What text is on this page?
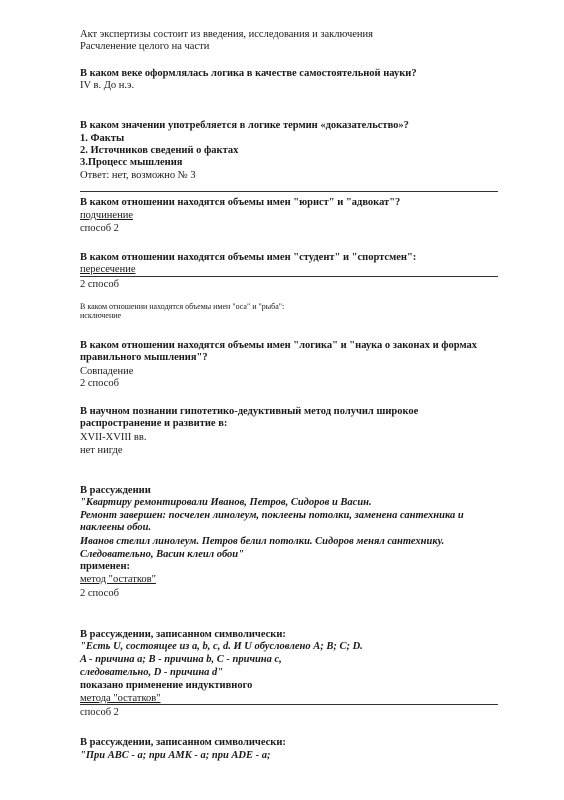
Акт экспертизы состоит из введения, исследования и заключения
Расчленение целого на части
В каком веке оформлялась логика в качестве самостоятельной науки?
IV в. До н.э.
В каком значении употребляется в логике термин «доказательство»?
1. Факты
2. Источников сведений о фактах
3.Процесс мышления
Ответ: нет, возможно № 3
В каком отношении находятся объемы имен "юрист" и "адвокат"?
подчинение
способ 2
В каком отношении находятся объемы имен "студент" и "спортсмен":
пересечение
2 способ
В каком отношении находятся объемы имен "оса" и "рыба":
исключение
В каком отношении находятся объемы имен "логика" и "наука о законах и формах
правильного мышления"?
Совпадение
2 способ
В научном познании гипотетико-дедуктивный метод получил широкое
распространение и развитие в:
XVII-XVIII вв.
нет нигде
В рассуждении
"Квартиру ремонтировали Иванов, Петров, Сидоров и Васин.
Ремонт завершен: посчелен линолеум, поклеены потолки, заменена сантехника и
наклеены обои.
Иванов стелил линолеум. Петров белил потолки. Сидоров менял сантехнику.
Следовательно, Васин клеил обои"
применен:
метод "остатков"
2 способ
В рассуждении, записанном символически:
"Есть U, состоящее из a, b, c, d. И U обусловлено A; B; C; D.
A - причина a; B - причина b, C - причина c,
следовательно, D - причина d"
показано применение индуктивного
метода "остатков"
способ 2
В рассуждении, записанном символически:
"При ABC - a; при AMK - a; при ADE - a;
